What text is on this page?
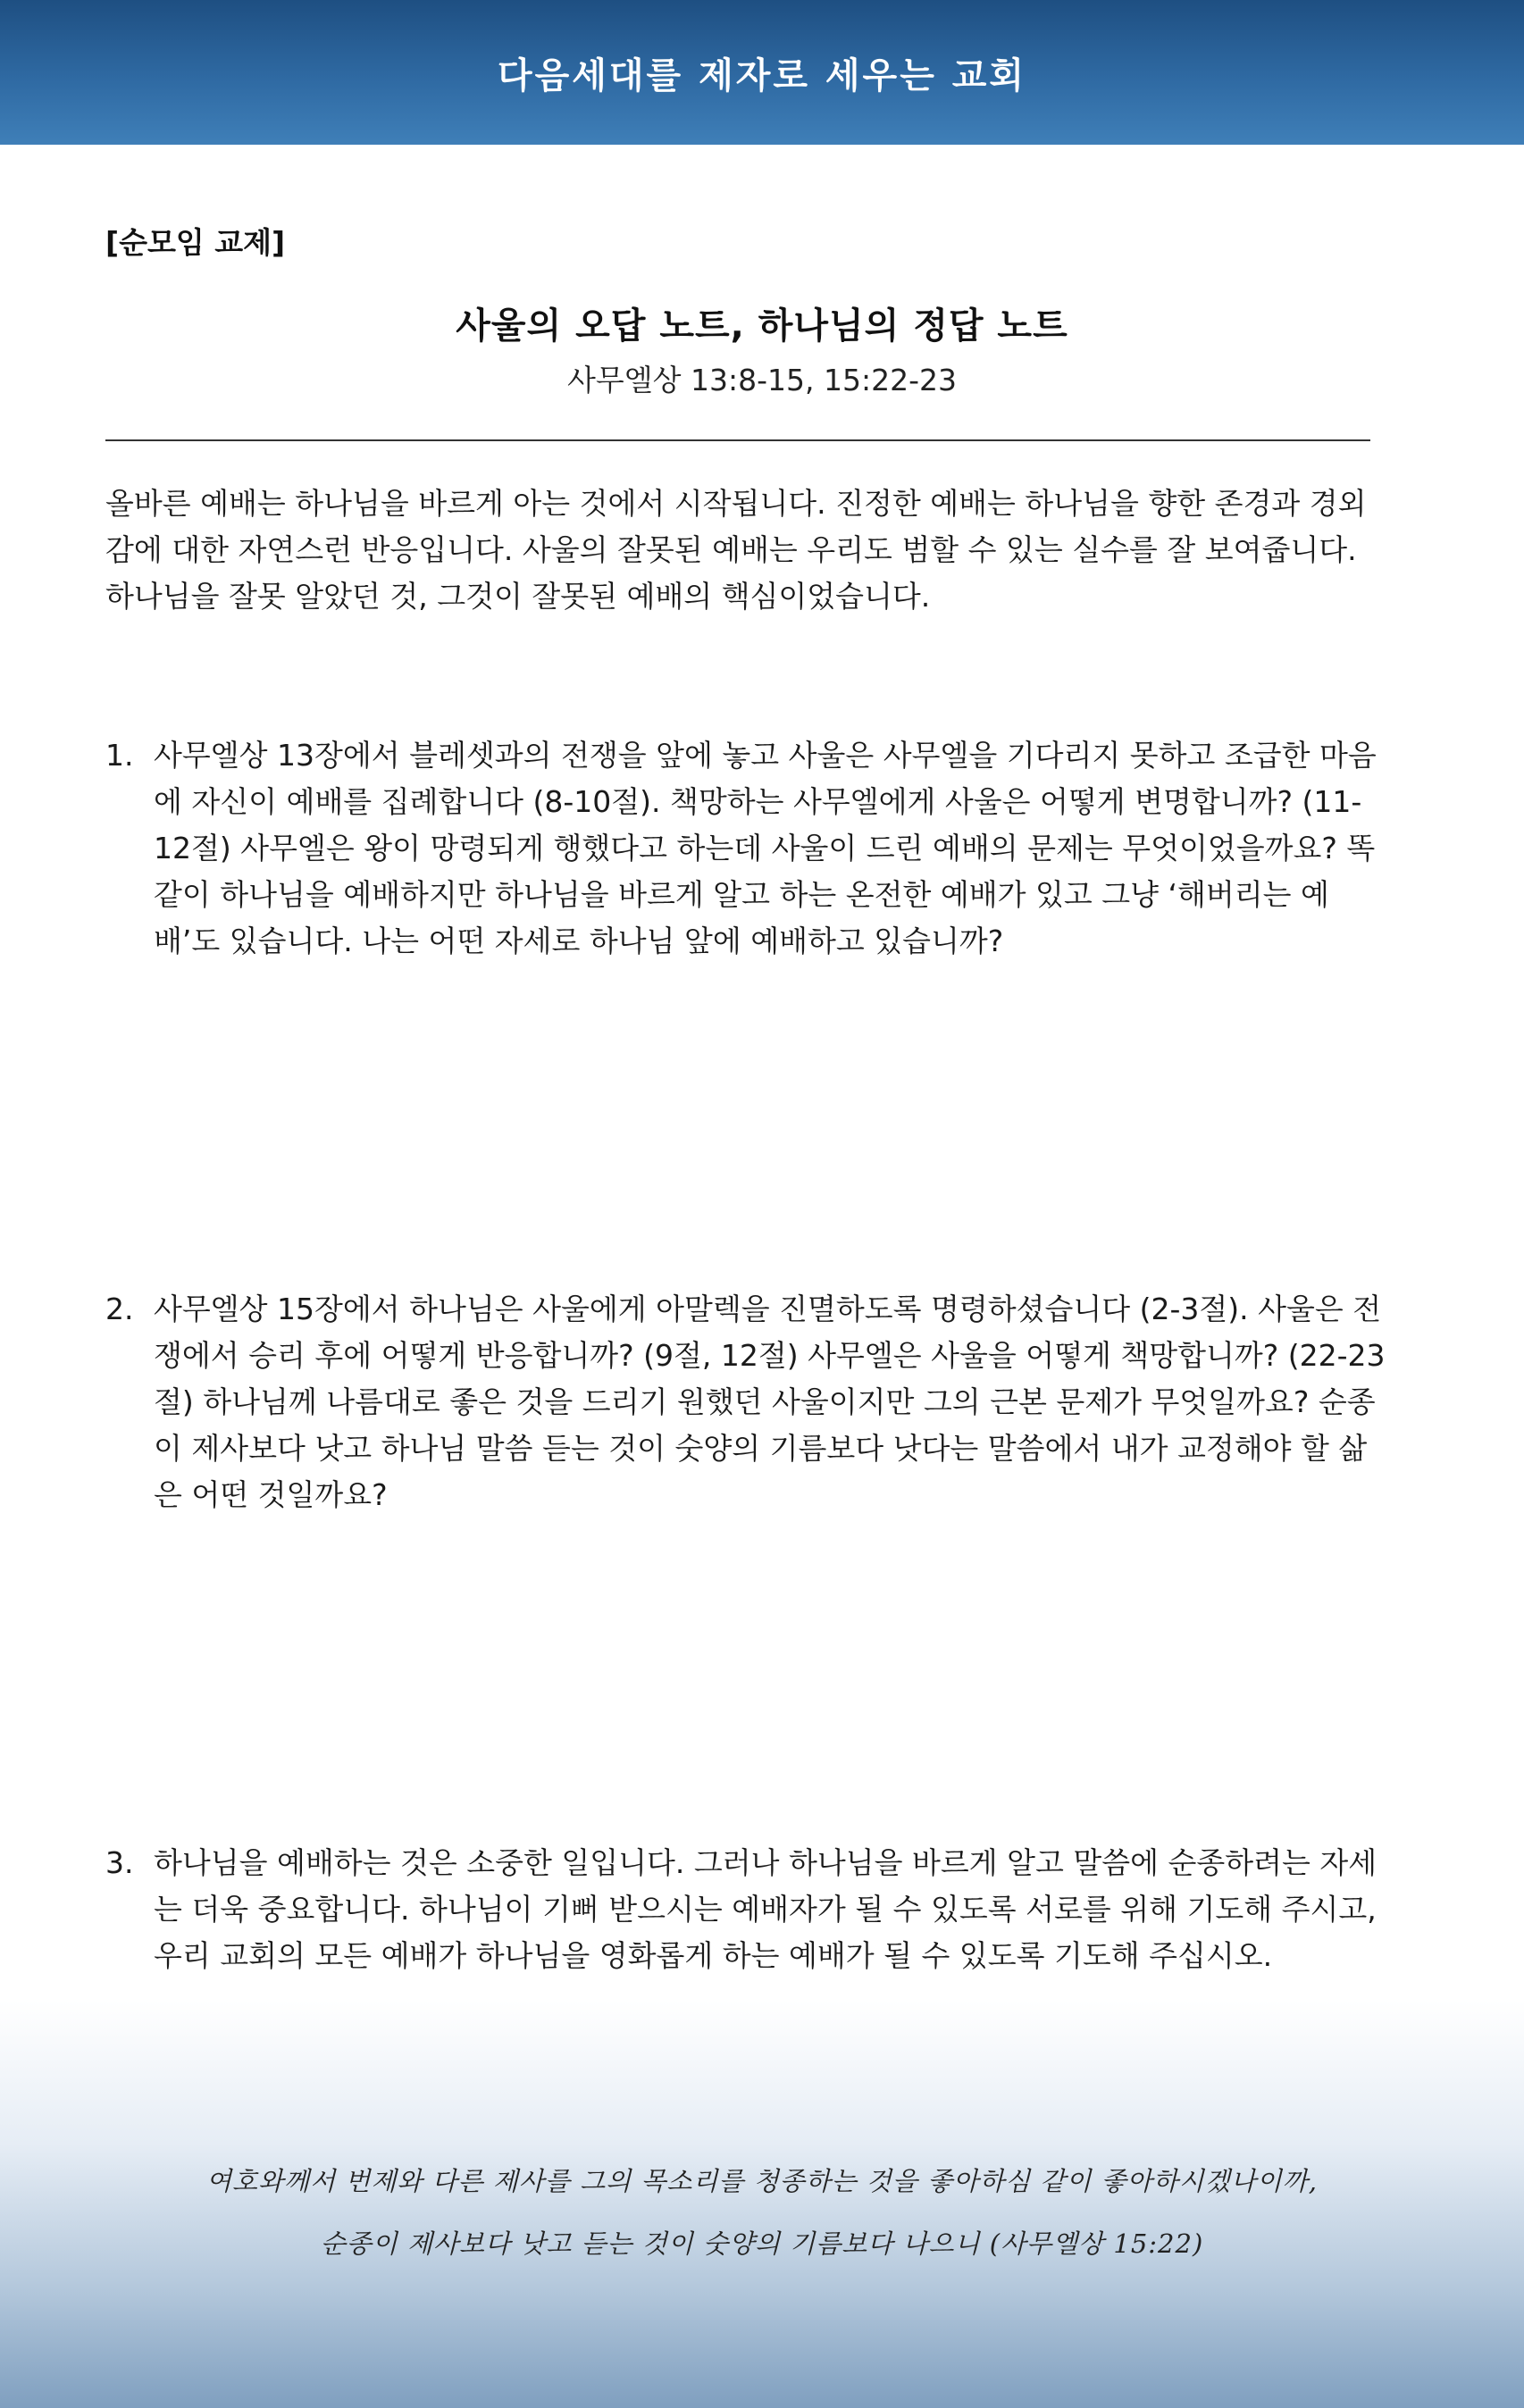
다음세대를 제자로 세우는 교회
[순모임 교제]
사울의 오답 노트, 하나님의 정답 노트
사무엘상 13:8-15, 15:22-23

올바른 예배는 하나님을 바르게 아는 것에서 시작됩니다. 진정한 예배는 하나님을 향한 존경과 경외감에 대한 자연스런 반응입니다. 사울의 잘못된 예배는 우리도 범할 수 있는 실수를 잘 보여줍니다. 하나님을 잘못 알았던 것, 그것이 잘못된 예배의 핵심이었습니다.

1. 사무엘상 13장에서 블레셋과의 전쟁을 앞에 놓고 사울은 사무엘을 기다리지 못하고 조급한 마음에 자신이 예배를 집례합니다 (8-10절). 책망하는 사무엘에게 사울은 어떻게 변명합니까? (11-12절) 사무엘은 왕이 망령되게 행했다고 하는데 사울이 드린 예배의 문제는 무엇이었을까요? 똑같이 하나님을 예배하지만 하나님을 바르게 알고 하는 온전한 예배가 있고 그냥 ‘해버리는 예배’도 있습니다. 나는 어떤 자세로 하나님 앞에 예배하고 있습니까?
2. 사무엘상 15장에서 하나님은 사울에게 아말렉을 진멸하도록 명령하셨습니다 (2-3절). 사울은 전쟁에서 승리 후에 어떻게 반응합니까? (9절, 12절) 사무엘은 사울을 어떻게 책망합니까? (22-23절) 하나님께 나름대로 좋은 것을 드리기 원했던 사울이지만 그의 근본 문제가 무엇일까요? 순종이 제사보다 낫고 하나님 말씀 듣는 것이 숫양의 기름보다 낫다는 말씀에서 내가 교정해야 할 삶은 어떤 것일까요?
3. 하나님을 예배하는 것은 소중한 일입니다. 그러나 하나님을 바르게 알고 말씀에 순종하려는 자세는 더욱 중요합니다. 하나님이 기뻐 받으시는 예배자가 될 수 있도록 서로를 위해 기도해 주시고, 우리 교회의 모든 예배가 하나님을 영화롭게 하는 예배가 될 수 있도록 기도해 주십시오.
여호와께서 번제와 다른 제사를 그의 목소리를 청종하는 것을 좋아하심 같이 좋아하시겠나이까,
순종이 제사보다 낫고 듣는 것이 숫양의 기름보다 나으니 (사무엘상 15:22)
